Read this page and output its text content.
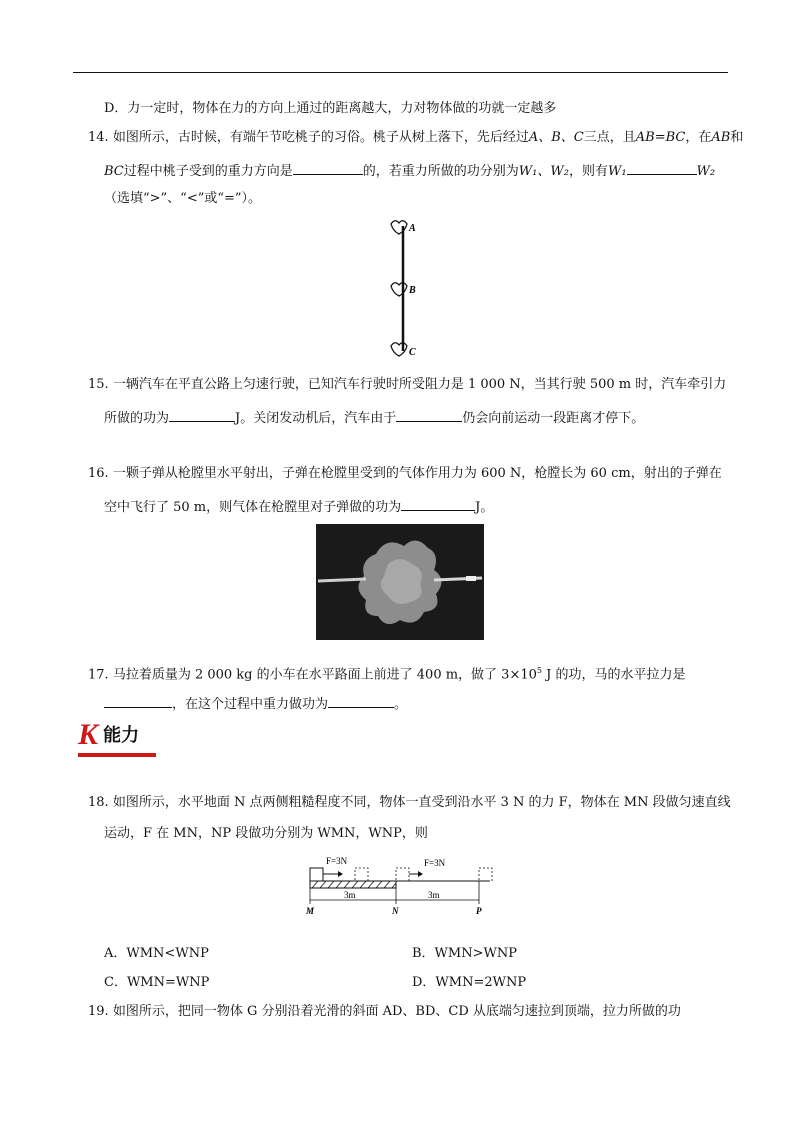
D．力一定时，物体在力的方向上通过的距离越大，力对物体做的功就一定越多
14. 如图所示，古时候，有端午节吃桃子的习俗。桃子从树上落下，先后经过A、B、C三点，且AB=BC，在AB和
BC过程中桃子受到的重力方向是	的，若重力所做的功分别为W₁、W₂，则有W₁	W₂
（选填“>”、“<”或“=”）。
A
B
C
15. 一辆汽车在平直公路上匀速行驶，已知汽车行驶时所受阻力是 1 000 N，当其行驶 500 m 时，汽车牵引力
所做的功为	J。关闭发动机后，汽车由于	仍会向前运动一段距离才停下。
16. 一颗子弹从枪膛里水平射出，子弹在枪膛里受到的气体作用力为 600 N，枪膛长为 60 cm，射出的子弹在
空中飞行了 50 m，则气体在枪膛里对子弹做的功为	J。
17. 马拉着质量为 2 000 kg 的小车在水平路面上前进了 400 m，做了 $3\times 10^5$ J 的功，马的水平拉力是
，在这个过程中重力做功为	。
K 能力
18. 如图所示，水平地面 N 点两侧粗糙程度不同，物体一直受到沿水平 3 N 的力 F，物体在 MN 段做匀速直线
运动，F 在 MN，NP 段做功分别为 WMN，WNP，则
F=3N	F=3N
3m	3m
M	N	P
A．WMN<WNP	B．WMN>WNP
C．WMN=WNP	D．WMN=2WNP
19. 如图所示，把同一物体 G 分别沿着光滑的斜面 AD、BD、CD 从底端匀速拉到顶端，拉力所做的功
